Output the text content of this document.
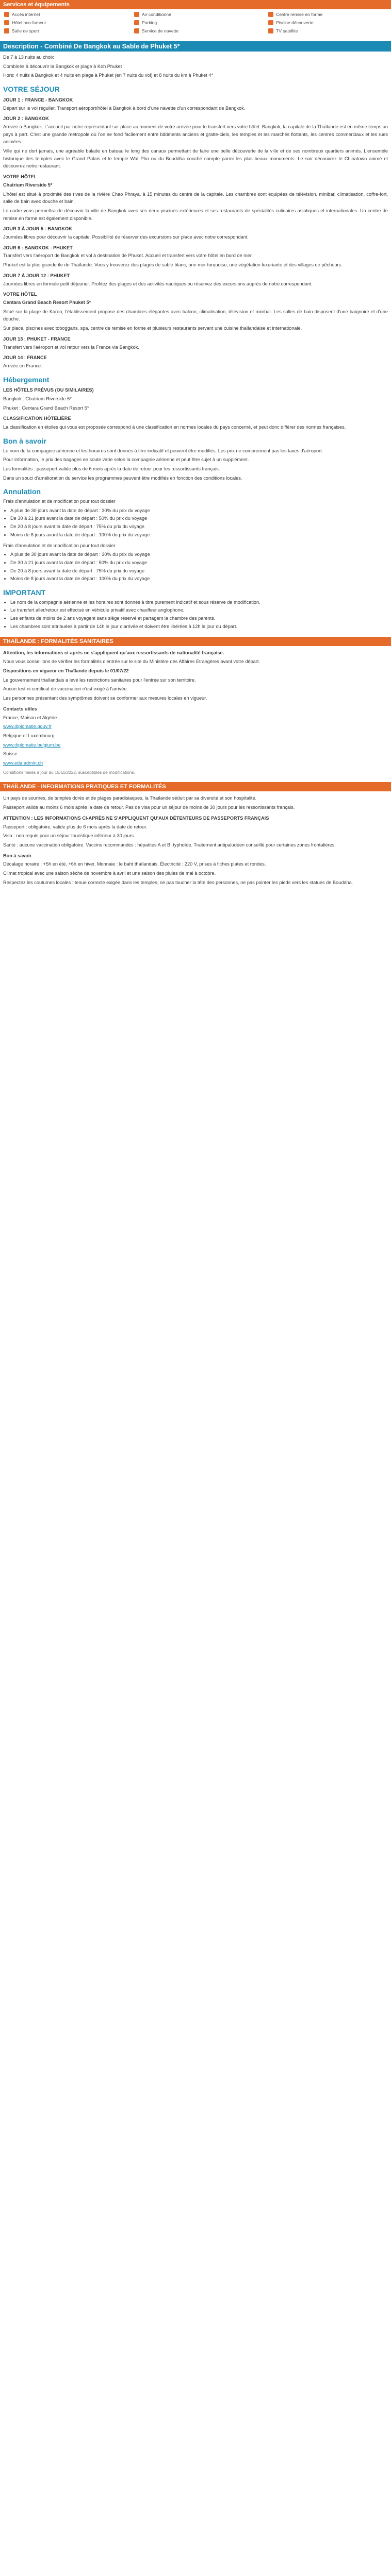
Services et équipements
Accès internet	Air conditionné	Centre remise en forme
Hôtel non-fumeur	Parking	Piscine découverte
Salle de sport	Service de navette	TV satellite
Description - Combiné De Bangkok au Sable de Phuket 5*

De 7 à 13 nuits au choix

Combinés à découvrir la Bangkok et plage à Koh Phuket

Hors: 4 nuits à Bangkok et 4 nuits en plage à Phuket (en 7 nuits du vol) et 8 nuits du km à Phuket 4*

VOTRE SÉJOUR
JOUR 1 : FRANCE - BANGKOK

Départ sur le vol régulier. Transport aéroport/hôtel à Bangkok à bord d'une navette d'un correspondant de Bangkok.

JOUR 2 : BANGKOK

Arrivée à Bangkok. L'accueil par notre représentant sur place au moment de votre arrivée pour le transfert vers votre hôtel. Bangkok, la capitale de la Thaïlande est en même temps un pays à part. C'est une grande métropole où l'on se fond facilement entre bâtiments anciens et gratte-ciels, les temples et les marchés flottants, les centres commerciaux et les rues animées.

Ville qui ne dort jamais, une agréable balade en bateau le long des canaux permettant de faire une belle découverte de la ville et de ses nombreux quartiers animés. L'ensemble historique des temples avec le Grand Palais et le temple Wat Pho ou du Bouddha couché compte parmi les plus beaux monuments. Le soir découvrez le Chinatown animé et découvrez notre restaurant.

VOTRE HÔTEL

Chatrium Riverside 5*

L'hôtel est situé à proximité des rives de la rivière Chao Phraya, à 15 minutes du centre de la capitale. Les chambres sont équipées de télévision, minibar, climatisation, coffre-fort, salle de bain avec douche et bain.

Le cadre vous permettra de découvrir la ville de Bangkok avec ses deux piscines extérieures et ses restaurants de spécialités culinaires asiatiques et internationales. Un centre de remise en forme est également disponible.

JOUR 3 À JOUR 5 : BANGKOK

Journées libres pour découvrir la capitale. Possibilité de réserver des excursions sur place avec notre correspondant.

JOUR 6 : BANGKOK - PHUKET

Transfert vers l'aéroport de Bangkok et vol à destination de Phuket. Accueil et transfert vers votre hôtel en bord de mer.

Phuket est la plus grande île de Thaïlande. Vous y trouverez des plages de sable blanc, une mer turquoise, une végétation luxuriante et des villages de pêcheurs.

JOUR 7 À JOUR 12 : PHUKET

Journées libres en formule petit déjeuner. Profitez des plages et des activités nautiques ou réservez des excursions auprès de notre correspondant.

VOTRE HÔTEL

Centara Grand Beach Resort Phuket 5*

Situé sur la plage de Karon, l'établissement propose des chambres élégantes avec balcon, climatisation, télévision et minibar. Les salles de bain disposent d'une baignoire et d'une douche.

Sur place, piscines avec toboggans, spa, centre de remise en forme et plusieurs restaurants servant une cuisine thaïlandaise et internationale.

JOUR 13 : PHUKET - FRANCE

Transfert vers l'aéroport et vol retour vers la France via Bangkok.

JOUR 14 : FRANCE

Arrivée en France.

Hébergement
LES HÔTELS PRÉVUS (OU SIMILAIRES)

Bangkok : Chatrium Riverside 5*

Phuket : Centara Grand Beach Resort 5*

CLASSIFICATION HÔTELIÈRE

La classification en étoiles qui vous est proposée correspond à une classification en normes locales du pays concerné, et peut donc différer des normes françaises.

Bon à savoir

Le nom de la compagnie aérienne et les horaires sont donnés à titre indicatif et peuvent être modifiés. Les prix ne comprennent pas les taxes d'aéroport.

Pour information, le prix des bagages en soute varie selon la compagnie aérienne et peut être sujet à un supplément.

Les formalités : passeport valide plus de 6 mois après la date de retour pour les ressortissants français.

Dans un souci d'amélioration du service les programmes peuvent être modifiés en fonction des conditions locales.

Annulation

Frais d'annulation et de modification pour tout dossier

• A plus de 30 jours avant la date de départ : 30% du prix du voyage
• De 30 à 21 jours avant la date de départ : 50% du prix du voyage
• De 20 à 8 jours avant la date de départ : 75% du prix du voyage
• Moins de 8 jours avant la date de départ : 100% du prix du voyage

Frais d'annulation et de modification pour tout dossier

• A plus de 30 jours avant la date de départ : 30% du prix du voyage
• De 30 à 21 jours avant la date de départ : 50% du prix du voyage
• De 20 à 8 jours avant la date de départ : 75% du prix du voyage
• Moins de 8 jours avant la date de départ : 100% du prix du voyage
IMPORTANT
• Le nom de la compagnie aérienne et les horaires sont donnés à titre purement indicatif et sous réserve de modification.
• Le transfert aller/retour est effectué en véhicule privatif avec chauffeur anglophone.
• Les enfants de moins de 2 ans voyagent sans siège réservé et partagent la chambre des parents.
• Les chambres sont attribuées à partir de 14h le jour d'arrivée et doivent être libérées à 12h le jour du départ.
THAÏLANDE : FORMALITÉS SANITAIRES

Attention, les informations ci-après ne s'appliquent qu'aux ressortissants de nationalité française.

Nous vous conseillons de vérifier les formalités d'entrée sur le site du Ministère des Affaires Etrangères avant votre départ.

Dispositions en vigueur en Thaïlande depuis le 01/07/22

Le gouvernement thaïlandais a levé les restrictions sanitaires pour l'entrée sur son territoire.

Aucun test ni certificat de vaccination n'est exigé à l'arrivée.

Les personnes présentant des symptômes doivent se conformer aux mesures locales en vigueur.

Contacts utiles

France, Maison et Algérie

www.diplomatie.gouv.fr

Belgique et Luxembourg

www.diplomatie.belgium.be

Suisse

www.eda.admin.ch

Conditions mises à jour au 15/11/2022, susceptibles de modifications.

THAÏLANDE - INFORMATIONS PRATIQUES ET FORMALITÉS

Un pays de sourires, de temples dorés et de plages paradisiaques, la Thaïlande séduit par sa diversité et son hospitalité.

Passeport valide au moins 6 mois après la date de retour. Pas de visa pour un séjour de moins de 30 jours pour les ressortissants français.

ATTENTION : LES INFORMATIONS CI-APRÈS NE S'APPLIQUENT QU'AUX DÉTENTEURS DE PASSEPORTS FRANÇAIS

Passeport : obligatoire, valide plus de 6 mois après la date de retour.

Visa : non requis pour un séjour touristique inférieur à 30 jours.

Santé : aucune vaccination obligatoire. Vaccins recommandés : hépatites A et B, typhoïde. Traitement antipaludéen conseillé pour certaines zones frontalières.

Bon à savoir

Décalage horaire : +5h en été, +6h en hiver. Monnaie : le baht thaïlandais. Électricité : 220 V, prises à fiches plates et rondes.

Climat tropical avec une saison sèche de novembre à avril et une saison des pluies de mai à octobre.

Respectez les coutumes locales : tenue correcte exigée dans les temples, ne pas toucher la tête des personnes, ne pas pointer les pieds vers les statues de Bouddha.
